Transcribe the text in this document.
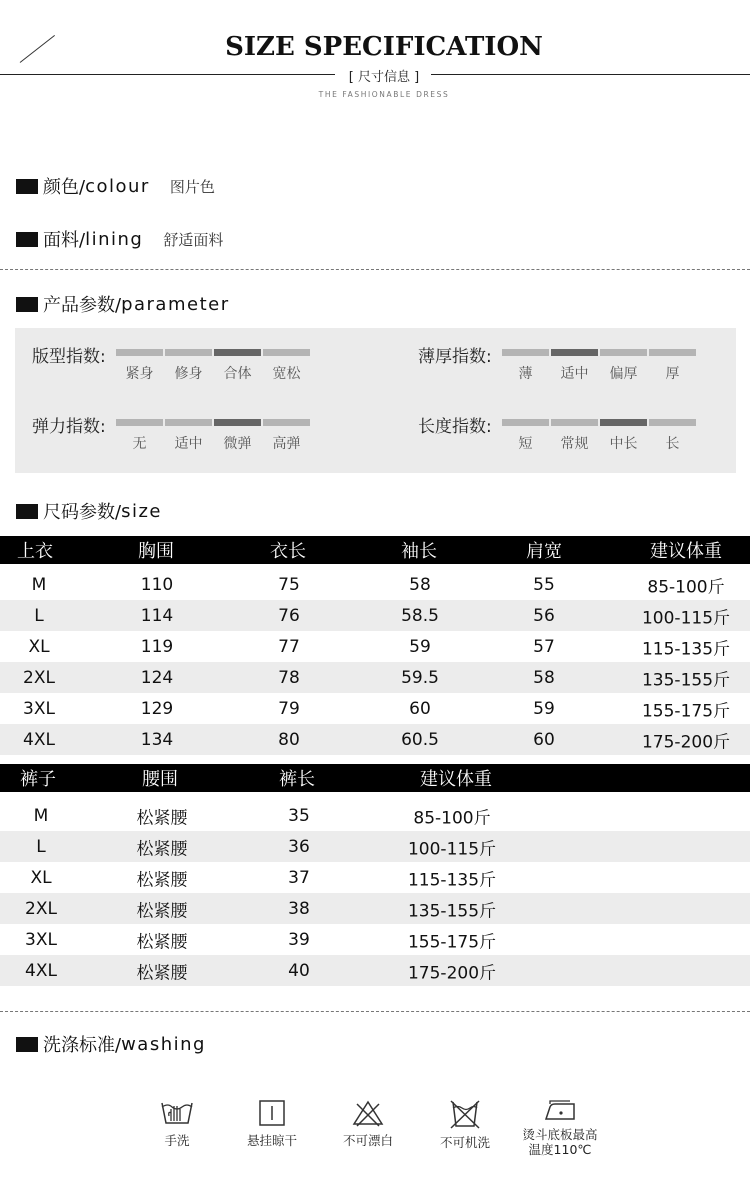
SIZE SPECIFICATION
[ 尺寸信息 ]
THE FASHIONABLE DRESS
颜色/ colour 图片色
面料/ lining 舒适面料
产品参数/ parameter
版型指数:
紧身	修身	合体	宽松
薄厚指数:
薄	适中	偏厚	厚
弹力指数:
无	适中	微弹	高弹
长度指数:
短	常规	中长	长
尺码参数/ size
上衣	胸围	衣长	袖长	肩宽	建议体重
M	110	75	58	55	85-100斤
L	114	76	58.5	56	100-115斤
XL	119	77	59	57	115-135斤
2XL	124	78	59.5	58	135-155斤
3XL	129	79	60	59	155-175斤
4XL	134	80	60.5	60	175-200斤
裤子	腰围	裤长	建议体重
M	松紧腰	35	85-100斤
L	松紧腰	36	100-115斤
XL	松紧腰	37	115-135斤
2XL	松紧腰	38	135-155斤
3XL	松紧腰	39	155-175斤
4XL	松紧腰	40	175-200斤
洗涤标准/ washing
手洗	悬挂晾干	不可漂白	不可机洗
烫斗底板最高温度110℃
